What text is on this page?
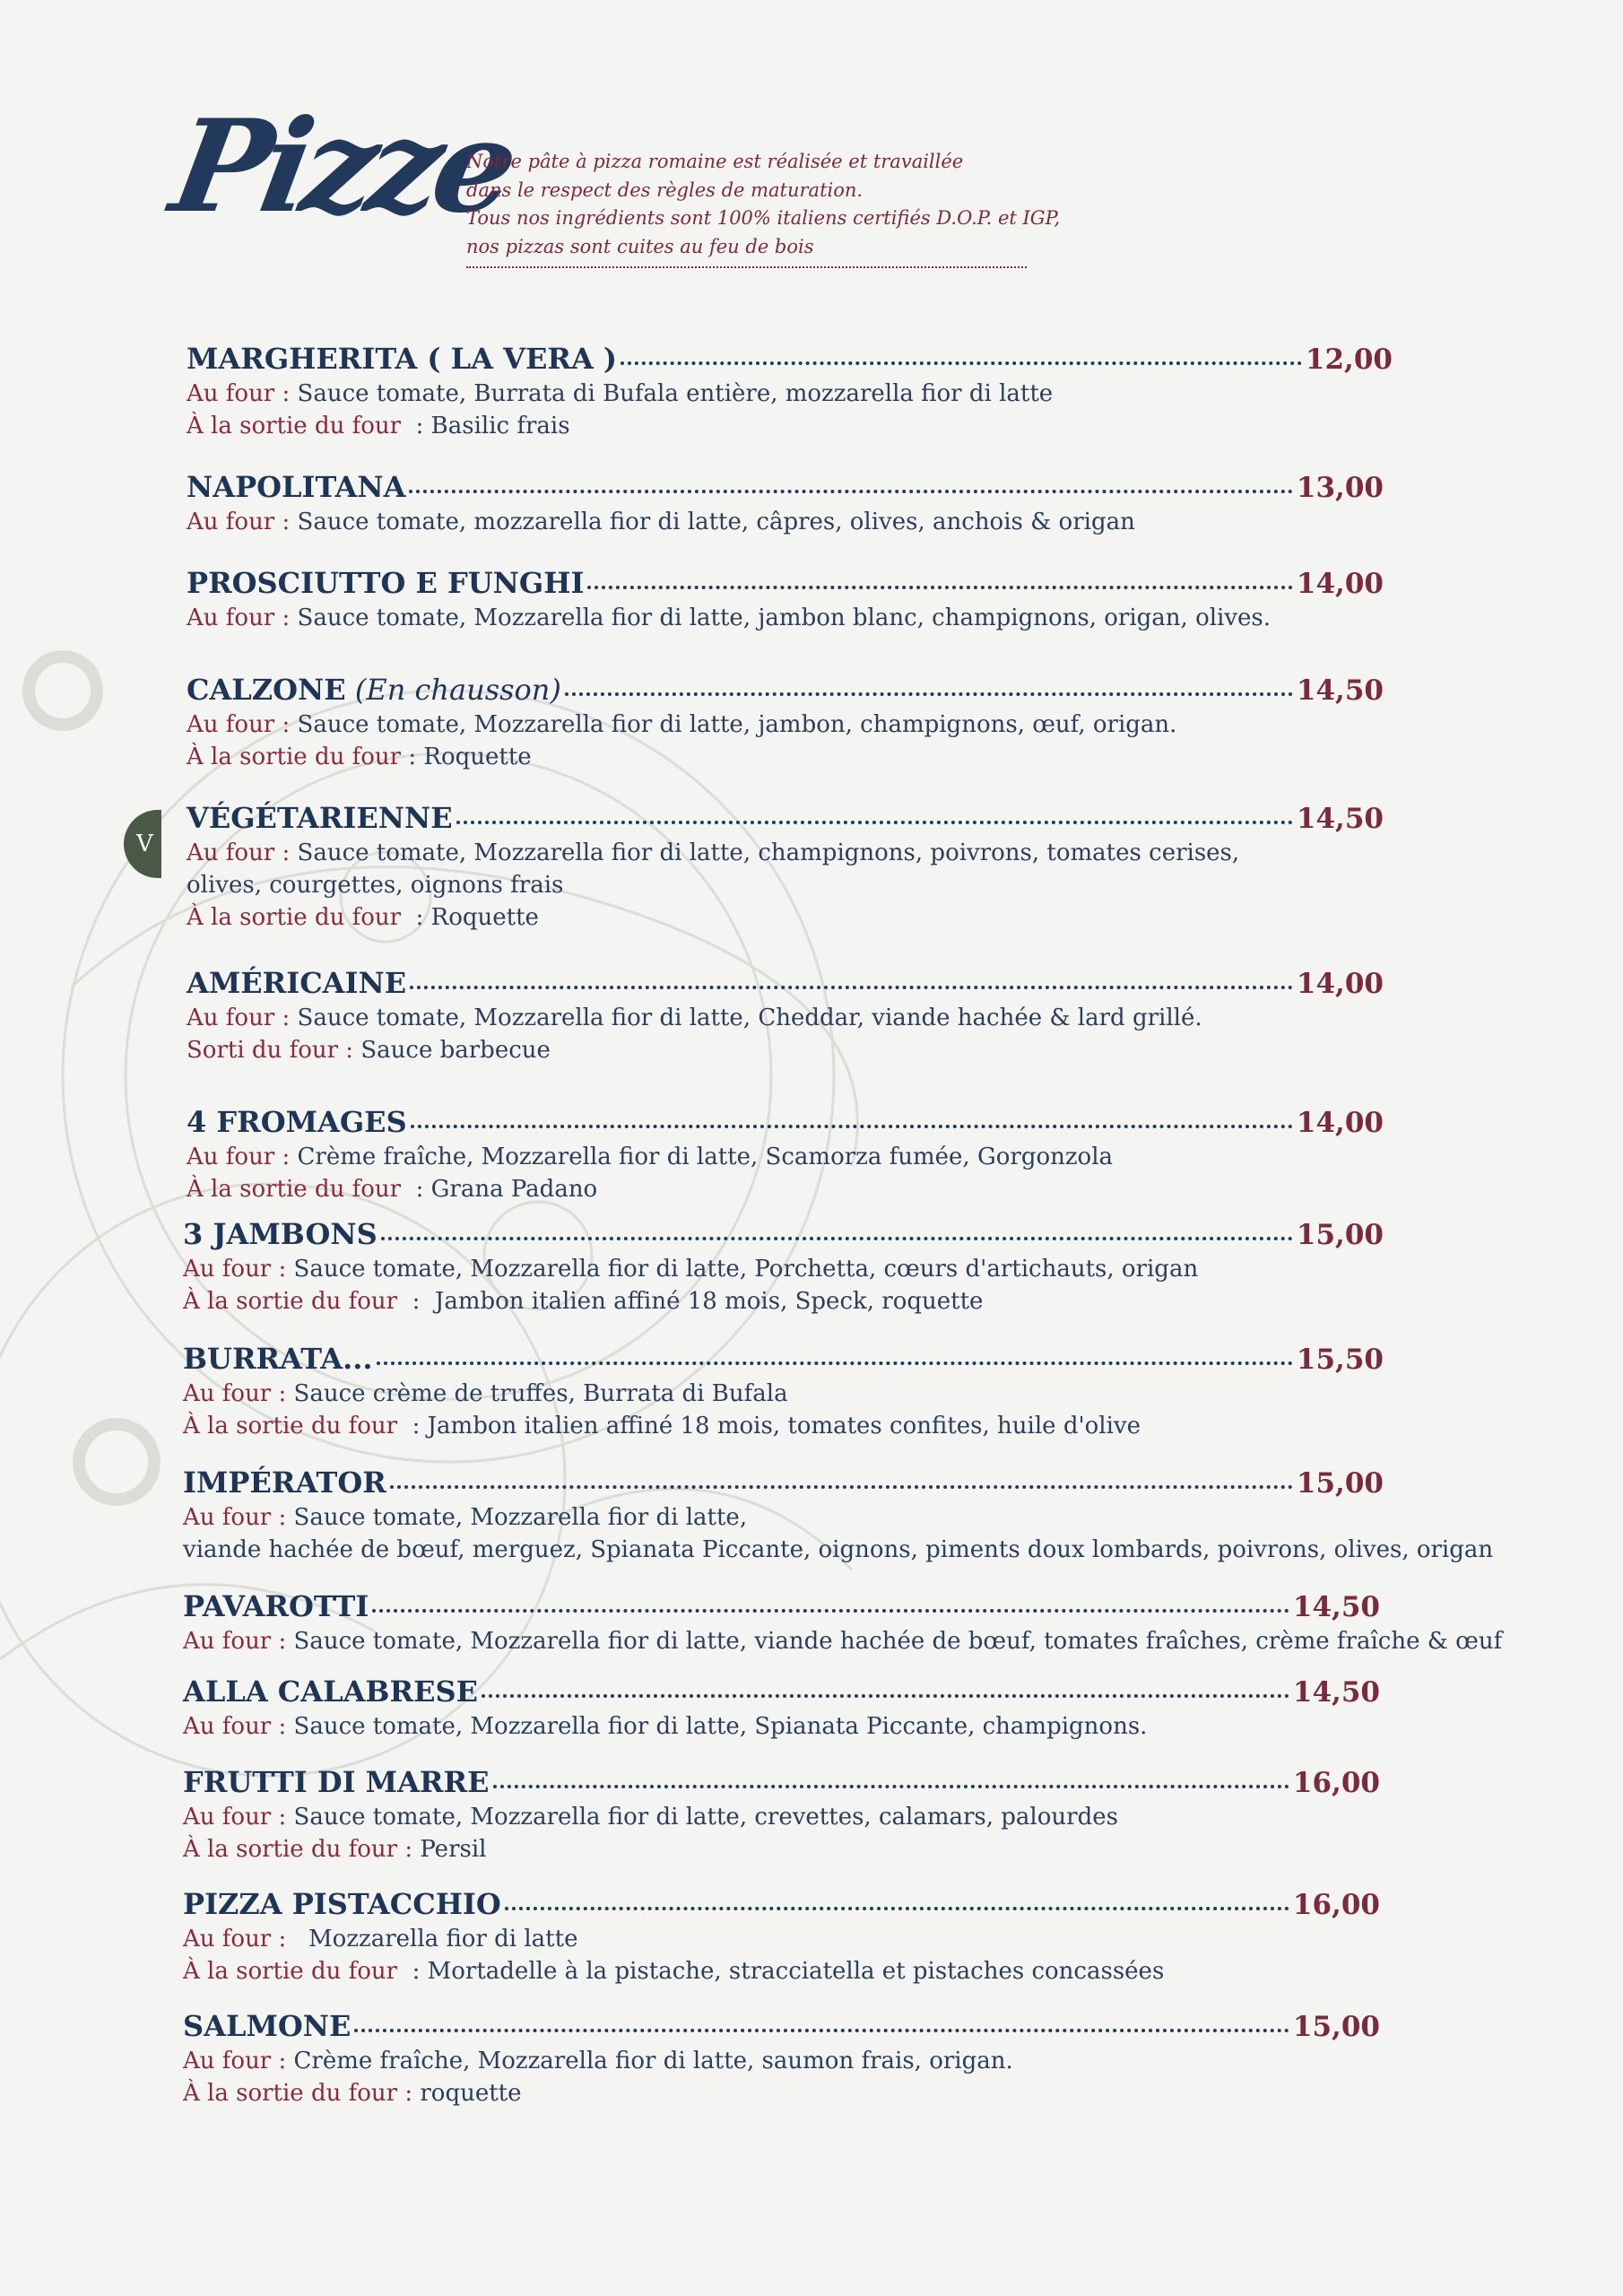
Pizze
Notre pâte à pizza romaine est réalisée et travaillée
dans le respect des règles de maturation.
Tous nos ingrédients sont 100% italiens certifiés D.O.P. et IGP,
nos pizzas sont cuites au feu de bois
V
MARGHERITA ( LA VERA )	12,00
Au four : Sauce tomate, Burrata di Bufala entière, mozzarella fior di latte
À la sortie du four  : Basilic frais
NAPOLITANA	13,00
Au four : Sauce tomate, mozzarella fior di latte, câpres, olives, anchois & origan
PROSCIUTTO E FUNGHI	14,00
Au four : Sauce tomate, Mozzarella fior di latte, jambon blanc, champignons, origan, olives.
CALZONE (En chausson)	14,50
Au four : Sauce tomate, Mozzarella fior di latte, jambon, champignons, œuf, origan.
À la sortie du four : Roquette
VÉGÉTARIENNE	14,50
Au four : Sauce tomate, Mozzarella fior di latte, champignons, poivrons, tomates cerises,
olives, courgettes, oignons frais
À la sortie du four  : Roquette
AMÉRICAINE	14,00
Au four : Sauce tomate, Mozzarella fior di latte, Cheddar, viande hachée & lard grillé.
Sorti du four : Sauce barbecue
4 FROMAGES	14,00
Au four : Crème fraîche, Mozzarella fior di latte, Scamorza fumée, Gorgonzola
À la sortie du four  : Grana Padano
3 JAMBONS	15,00
Au four : Sauce tomate, Mozzarella fior di latte, Porchetta, cœurs d'artichauts, origan
À la sortie du four  :  Jambon italien affiné 18 mois, Speck, roquette
BURRATA...	15,50
Au four : Sauce crème de truffes, Burrata di Bufala
À la sortie du four  : Jambon italien affiné 18 mois, tomates confites, huile d'olive
IMPÉRATOR	15,00
Au four : Sauce tomate, Mozzarella fior di latte,
viande hachée de bœuf, merguez, Spianata Piccante, oignons, piments doux lombards, poivrons, olives, origan
PAVAROTTI	14,50
Au four : Sauce tomate, Mozzarella fior di latte, viande hachée de bœuf, tomates fraîches, crème fraîche & œuf
ALLA CALABRESE	14,50
Au four : Sauce tomate, Mozzarella fior di latte, Spianata Piccante, champignons.
FRUTTI DI MARRE	16,00
Au four : Sauce tomate, Mozzarella fior di latte, crevettes, calamars, palourdes
À la sortie du four : Persil
PIZZA PISTACCHIO	16,00
Au four :   Mozzarella fior di latte
À la sortie du four  : Mortadelle à la pistache, stracciatella et pistaches concassées
SALMONE	15,00
Au four : Crème fraîche, Mozzarella fior di latte, saumon frais, origan.
À la sortie du four : roquette
